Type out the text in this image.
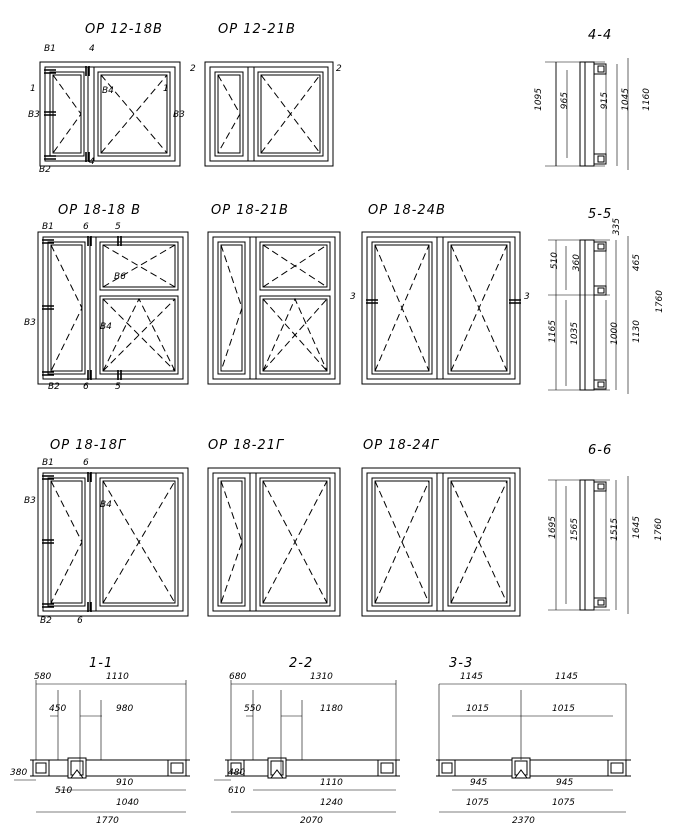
ОР 12-18В	ОР 12-21В	4-4
В1	4
1	В4	1
В3
В2
4
2	2
В3
1095 965	915 1045 1160
ОР 18-18 В	ОР 18-21В	ОР 18-24В	5-5
В1	6	5
В6
В3	В4
В2	6	5
3	3
335
510 360	465
1165 1035	1000 1130
1760
ОР 18-18Г	ОР 18-21Г	ОР 18-24Г	6-6
В1	6
В3	В4
В2	6
1695 1565	1515 1645 1760
1-1	2-2	3-3
580	1110
450	980
380
910
510
1040
1770
680	1310
550	1180
480
1110
610
1240
2070
1145	1145
1015	1015
945	945
1075	1075
2370
